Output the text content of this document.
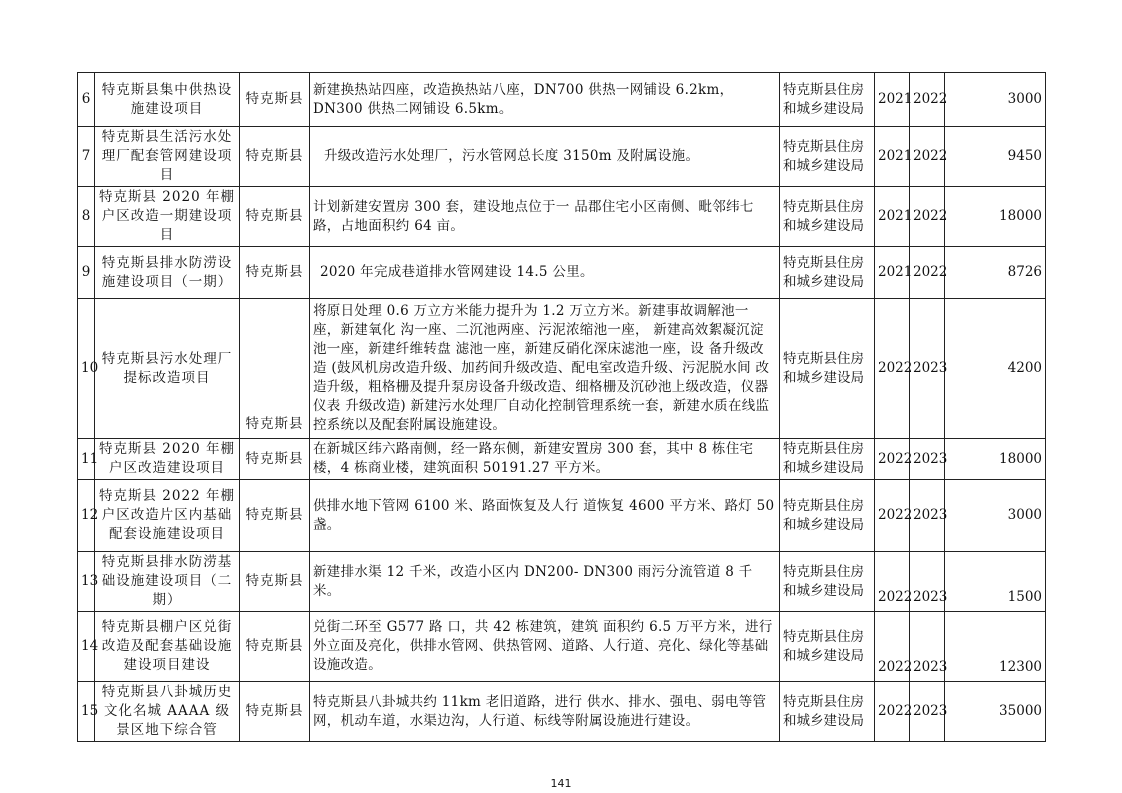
6	特克斯县集中供热设施建设项目	特克斯县	新建换热站四座，改造换热站八座，DN700 供热一网铺设 6.2km，DN300 供热二网铺设 6.5km。	特克斯县住房和城乡建设局	2021	2022	3000
7	特克斯县生活污水处理厂配套管网建设项目	特克斯县	升级改造污水处理厂，污水管网总长度 3150m 及附属设施。	特克斯县住房和城乡建设局	2021	2022	9450
8	特克斯县 2020 年棚户区改造一期建设项目	特克斯县	计划新建安置房 300 套，建设地点位于一 品郡住宅小区南侧、毗邻纬七路，占地面积约 64 亩。	特克斯县住房和城乡建设局	2021	2022	18000
9	特克斯县排水防涝设施建设项目（一期）	特克斯县	2020 年完成巷道排水管网建设 14.5 公里。	特克斯县住房和城乡建设局	2021	2022	8726
10	特克斯县污水处理厂提标改造项目	特克斯县	将原日处理 0.6 万立方米能力提升为 1.2 万立方米。新建事故调解池一座，新建氧化 沟一座、二沉池两座、污泥浓缩池一座， 新建高效絮凝沉淀池一座，新建纤维转盘 滤池一座，新建反硝化深床滤池一座，设 备升级改造 (鼓风机房改造升级、加药间升级改造、配电室改造升级、污泥脱水间 改造升级，粗格栅及提升泵房设备升级改造、细格栅及沉砂池上级改造，仪器仪表 升级改造) 新建污水处理厂自动化控制管理系统一套，新建水质在线监控系统以及配套附属设施建设。	特克斯县住房和城乡建设局	2022	2023	4200
11	特克斯县 2020 年棚户区改造建设项目	特克斯县	在新城区纬六路南侧，经一路东侧，新建安置房 300 套，其中 8 栋住宅楼，4 栋商业楼，建筑面积 50191.27 平方米。	特克斯县住房和城乡建设局	2022	2023	18000
12	特克斯县 2022 年棚户区改造片区内基础配套设施建设项目	特克斯县	供排水地下管网 6100 米、路面恢复及人行 道恢复 4600 平方米、路灯 50 盏。	特克斯县住房和城乡建设局	2022	2023	3000
13	特克斯县排水防涝基础设施建设项目（二期）	特克斯县	新建排水渠 12 千米，改造小区内 DN200- DN300 雨污分流管道 8 千米。	特克斯县住房和城乡建设局	2022	2023	1500
14	特克斯县棚户区兑街改造及配套基础设施建设项目建设	特克斯县	兑街二环至 G577 路 口，共 42 栋建筑，建筑 面积约 6.5 万平方米，进行外立面及亮化，供排水管网、供热管网、道路、人行道、亮化、绿化等基础设施改造。	特克斯县住房和城乡建设局	2022	2023	12300
15	特克斯县八卦城历史文化名城 AAAA 级景区地下综合管	特克斯县	特克斯县八卦城共约 11km 老旧道路，进行 供水、排水、强电、弱电等管网，机动车道，水渠边沟，人行道、标线等附属设施进行建设。	特克斯县住房和城乡建设局	2022	2023	35000
141
